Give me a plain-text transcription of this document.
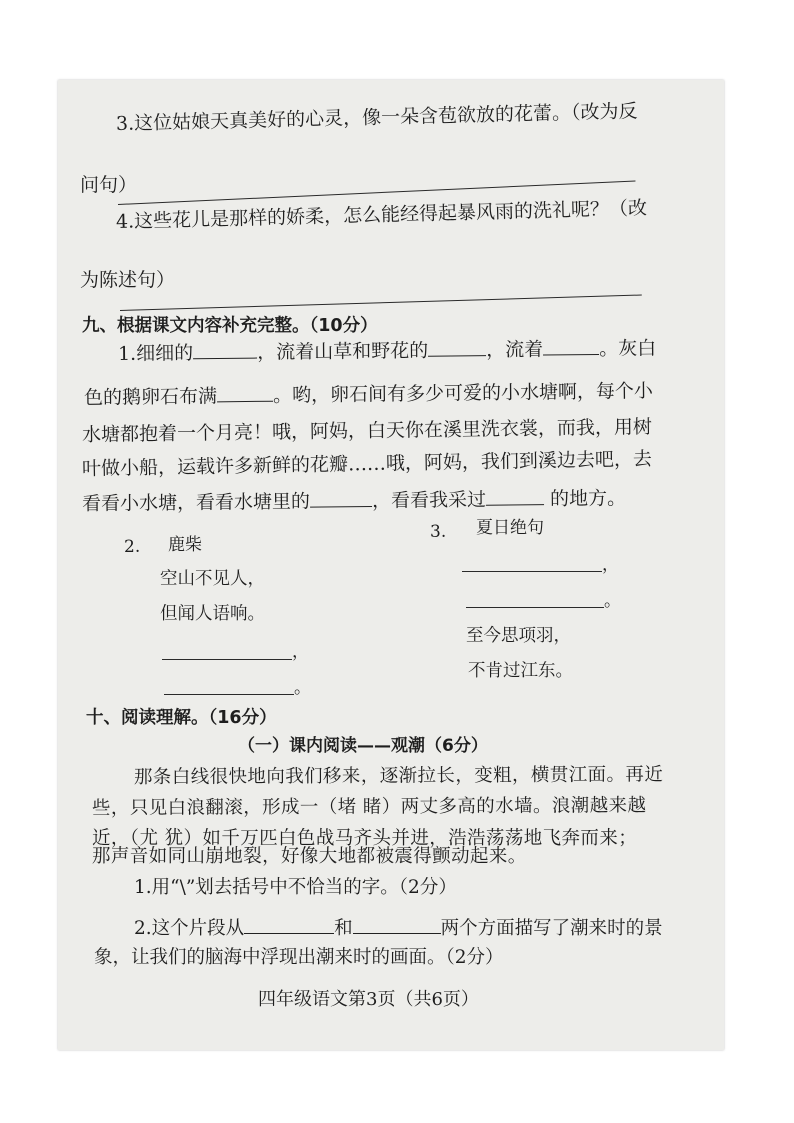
3.这位姑娘天真美好的心灵，像一朵含苞欲放的花蕾。（改为反
问句）
4.这些花儿是那样的娇柔，怎么能经得起暴风雨的洗礼呢？（改
为陈述句）
九、根据课文内容补充完整。（10分）
1.细细的	，流着山草和野花的	，流着	。灰白
色的鹅卵石布满	。哟，卵石间有多少可爱的小水塘啊，每个小
水塘都抱着一个月亮！哦，阿妈，白天你在溪里洗衣裳，而我，用树
叶做小船，运载许多新鲜的花瓣……哦，阿妈，我们到溪边去吧，去
看看小水塘，看看水塘里的	，看看我采过	的地方。
2. 鹿柴
空山不见人，
但闻人语响。
，
。
3. 夏日绝句
，
。
至今思项羽，
不肯过江东。
十、阅读理解。（16分）
（一）课内阅读——观潮（6分）
那条白线很快地向我们移来，逐渐拉长，变粗，横贯江面。再近
些，只见白浪翻滚，形成一（堵 睹）两丈多高的水墙。浪潮越来越
近，（尤 犹）如千万匹白色战马齐头并进，浩浩荡荡地飞奔而来；
那声音如同山崩地裂，好像大地都被震得颤动起来。
1.用“\”划去括号中不恰当的字。（2分）
2.这个片段从	和	两个方面描写了潮来时的景
象，让我们的脑海中浮现出潮来时的画面。（2分）
四年级语文第3页（共6页）
